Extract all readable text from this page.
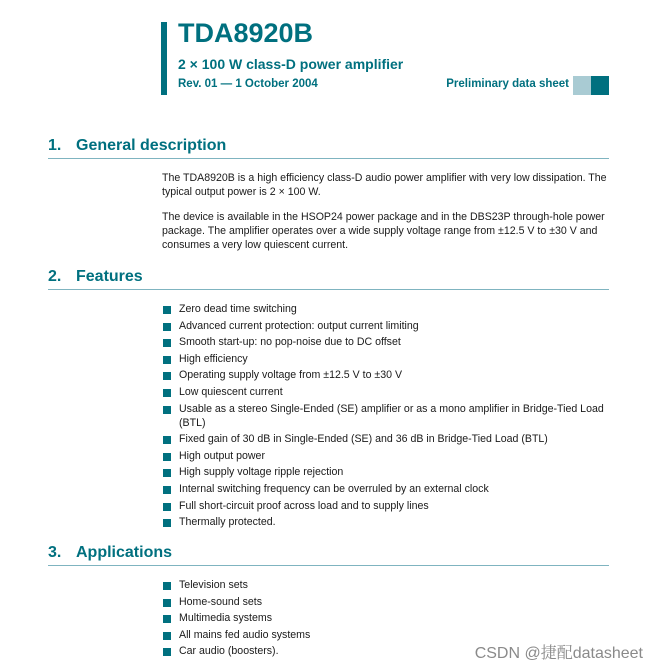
TDA8920B
2 × 100 W class-D power amplifier
Rev. 01 — 1 October 2004	Preliminary data sheet
1. General description

The TDA8920B is a high efficiency class-D audio power amplifier with very low dissipation. The typical output power is 2 × 100 W.

The device is available in the HSOP24 power package and in the DBS23P through-hole power package. The amplifier operates over a wide supply voltage range from ±12.5 V to ±30 V and consumes a very low quiescent current.

2. Features
Zero dead time switching
Advanced current protection: output current limiting
Smooth start-up: no pop-noise due to DC offset
High efficiency
Operating supply voltage from ±12.5 V to ±30 V
Low quiescent current
Usable as a stereo Single-Ended (SE) amplifier or as a mono amplifier in Bridge-Tied Load (BTL)
Fixed gain of 30 dB in Single-Ended (SE) and 36 dB in Bridge-Tied Load (BTL)
High output power
High supply voltage ripple rejection
Internal switching frequency can be overruled by an external clock
Full short-circuit proof across load and to supply lines
Thermally protected.
3. Applications
Television sets
Home-sound sets
Multimedia systems
All mains fed audio systems
Car audio (boosters).	CSDN @捷配datasheet
